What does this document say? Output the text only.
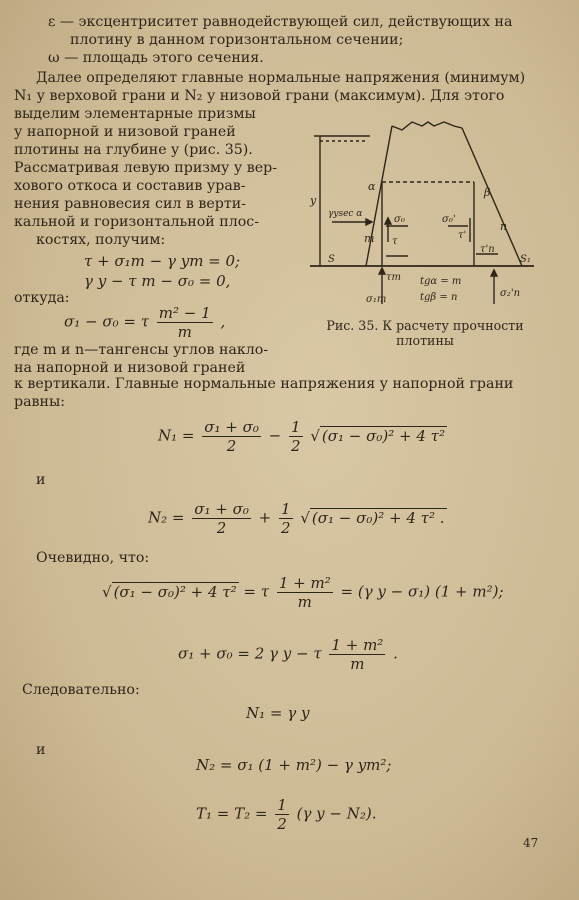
ε — эксцентриситет равнодействующей сил, действующих на
плотину в данном горизонтальном сечении;
ω — площадь этого сечения.
Далее определяют главные нормальные напряжения (минимум)
N₁ у верховой грани и N₂ у низовой грани (максимум). Для этого
выделим элементарные призмы
у напорной и низовой граней
плотины на глубине y (рис. 35).
Рассматривая левую призму у вер-
хового откоса и составив урав-
нения равновесия сил в верти-
кальной и горизонтальной плос-
костях, получим:
τ + σ₁m − γ ym = 0;
γ y − τ m − σ₀ = 0,
откуда:
σ₁ − σ₀ = τ $\frac{\text{m² − 1}}{m}$ ,
где m и n—тангенсы углов накло-
на напорной и низовой граней
к вертикали. Главные нормальные напряжения у напорной грани
равны:
$N_1 = \frac{\text{σ₁ + σ₀}}{2} - \frac{1}{2}$ √ (σ₁ − σ₀)² + 4 τ²
и
$N_2 = \frac{\text{σ₁ + σ₀}}{2} + \frac{1}{2}$ √ (σ₁ − σ₀)² + 4 τ² .
Очевидно, что:
√ (σ₁ − σ₀)² + 4 τ² = τ $\frac{\text{1 + m²}}{m} = (\gamma$ y − σ₁) (1 + m²);
σ₁ + σ₀ = 2 γ y − τ $\frac{\text{1 + m²}}{m}$ .
Следовательно:
N₁ = γ y
и
N₂ = σ₁ (1 + m²) − γ ym²;
$T_1 = T_2 = \frac{1}{2} (\gamma$ y − N₂).
47
y
α	β
γysec α	σ₀	σ₀'
τ
τ'
m
n
S	S₁
τm
σ₁m
τ'n
σ₂'n
tgα = m
tgβ = n
Рис. 35. К расчету прочности
плотины
